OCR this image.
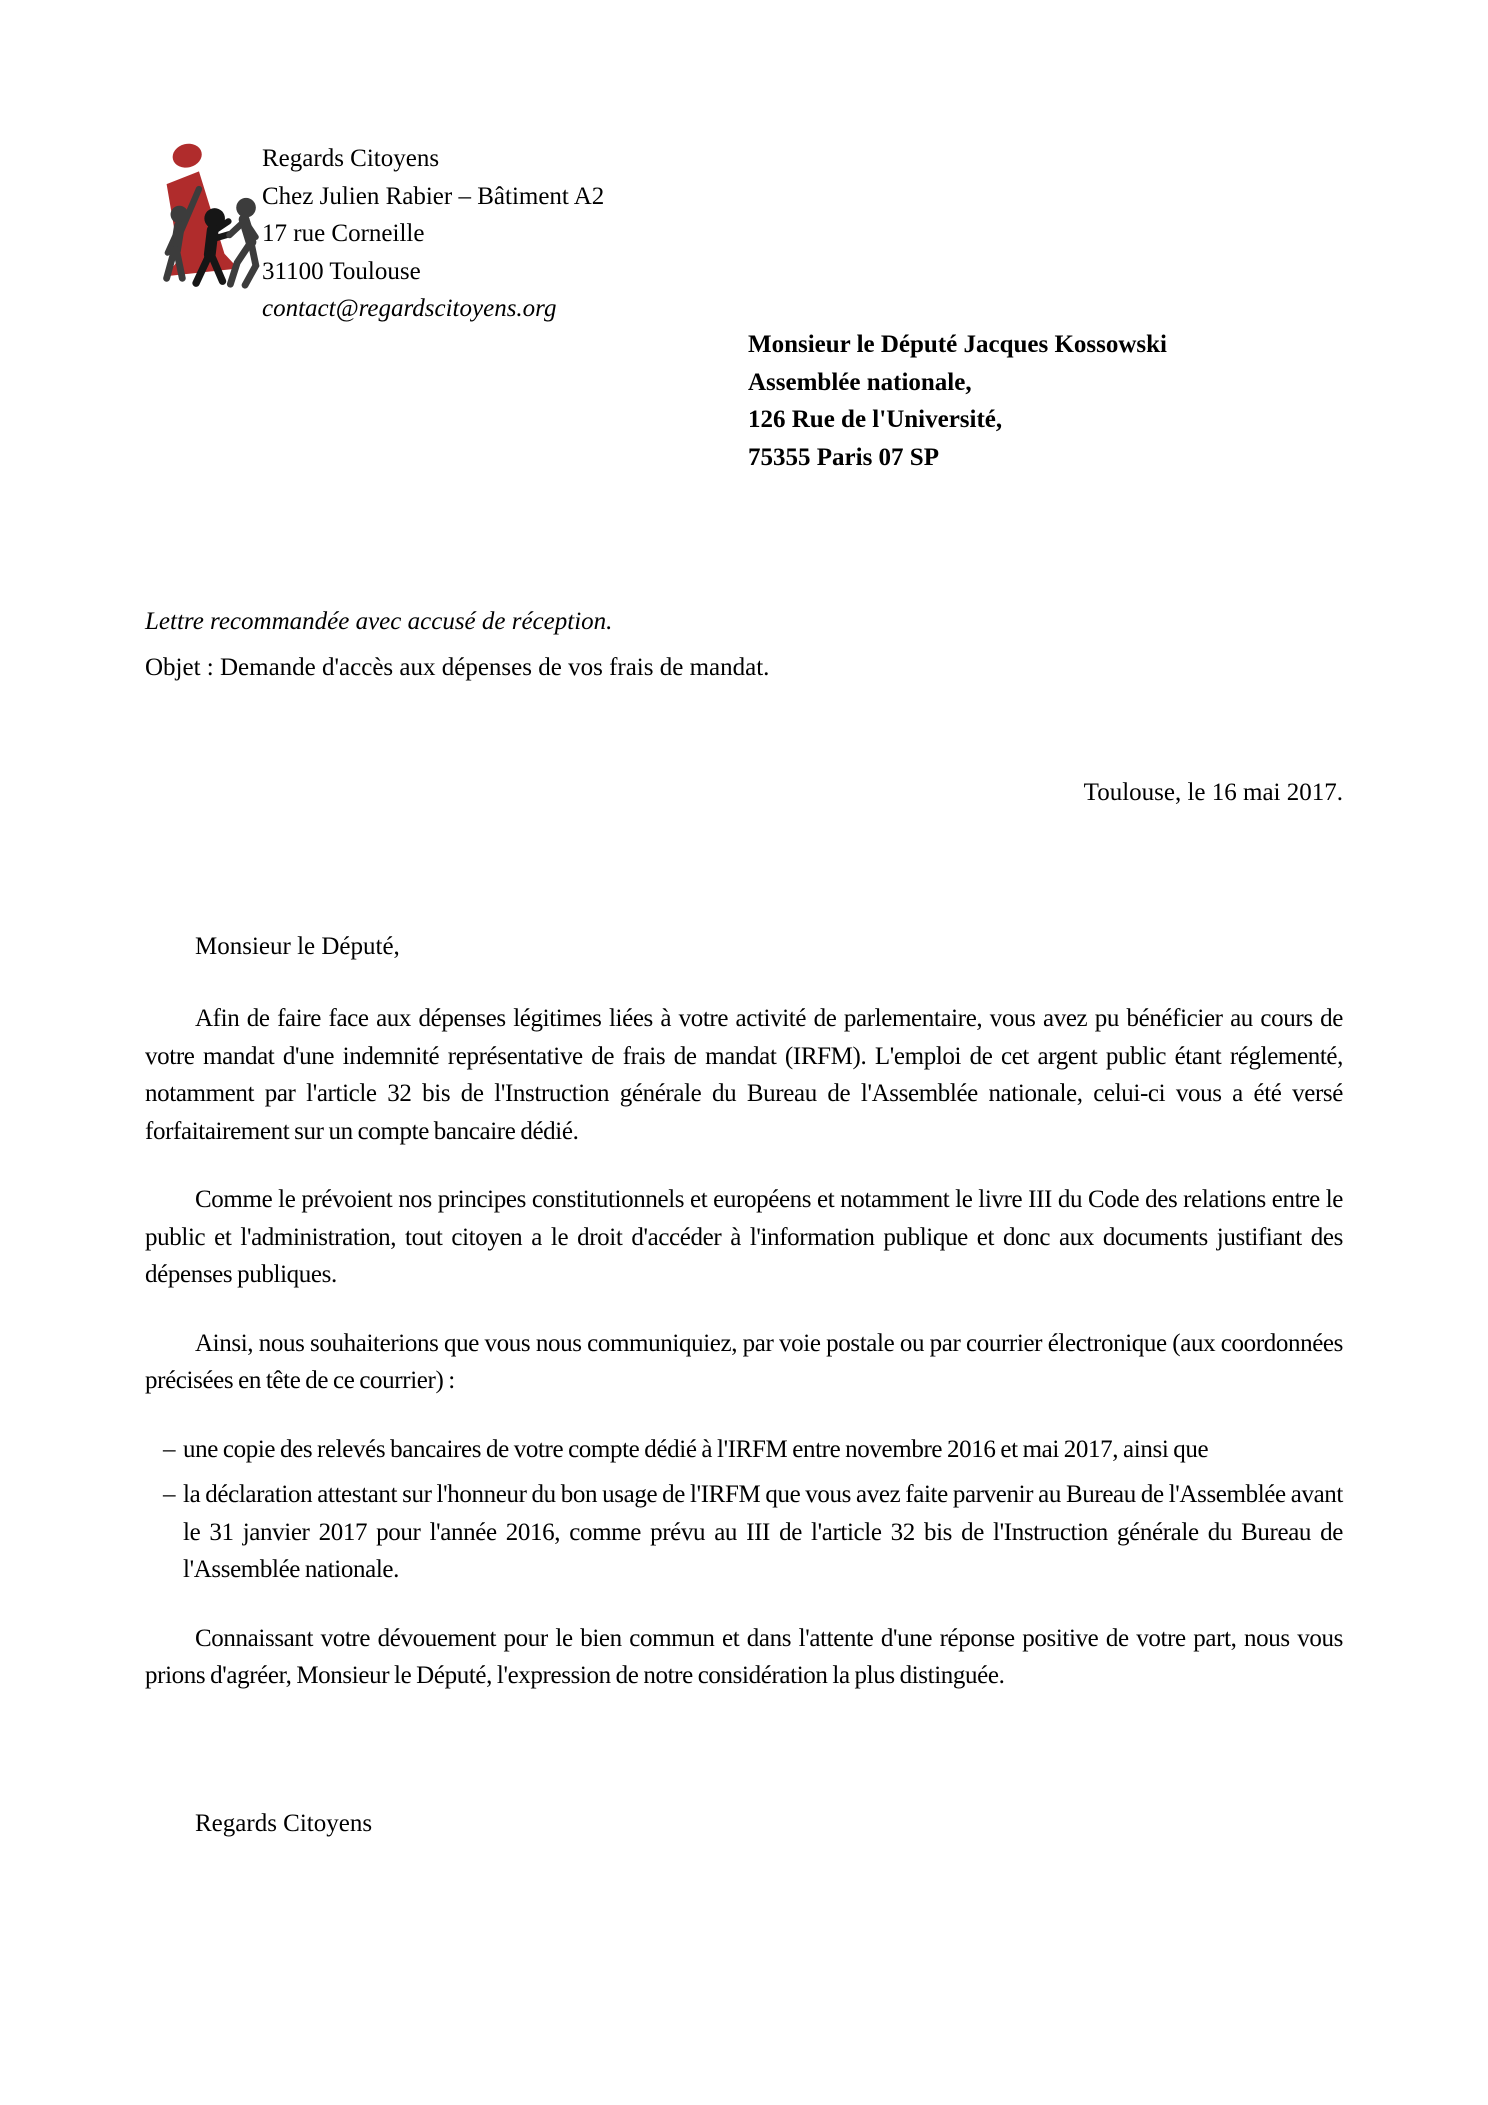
Regards Citoyens
Chez Julien Rabier – Bâtiment A2
17 rue Corneille
31100 Toulouse
contact@regardscitoyens.org
Monsieur le Député Jacques Kossowski
Assemblée nationale,
126 Rue de l'Université,
75355 Paris 07 SP
Lettre recommandée avec accusé de réception.
Objet : Demande d'accès aux dépenses de vos frais de mandat.
Toulouse, le 16 mai 2017.
Monsieur le Député,

Afin de faire face aux dépenses légitimes liées à votre activité de parlementaire, vous avez pu bénéficier au cours de votre mandat d'une indemnité représentative de frais de mandat (IRFM). L'emploi de cet argent public étant réglementé, notamment par l'article 32 bis de l'Instruction générale du Bureau de l'Assemblée nationale, celui-ci vous a été versé forfaitairement sur un compte bancaire dédié.

Comme le prévoient nos principes constitutionnels et européens et notamment le livre III du Code des relations entre le public et l'administration, tout citoyen a le droit d'accéder à l'information publique et donc aux documents justifiant des dépenses publiques.

Ainsi, nous souhaiterions que vous nous communiquiez, par voie postale ou par courrier électronique (aux coordonnées précisées en tête de ce courrier) :

– une copie des relevés bancaires de votre compte dédié à l'IRFM entre novembre 2016 et mai 2017, ainsi que
– la déclaration attestant sur l'honneur du bon usage de l'IRFM que vous avez faite parvenir au Bureau de l'Assemblée avant le 31 janvier 2017 pour l'année 2016, comme prévu au III de l'article 32 bis de l'Instruction générale du Bureau de l'Assemblée nationale.

Connaissant votre dévouement pour le bien commun et dans l'attente d'une réponse positive de votre part, nous vous prions d'agréer, Monsieur le Député, l'expression de notre considération la plus distinguée.

Regards Citoyens
